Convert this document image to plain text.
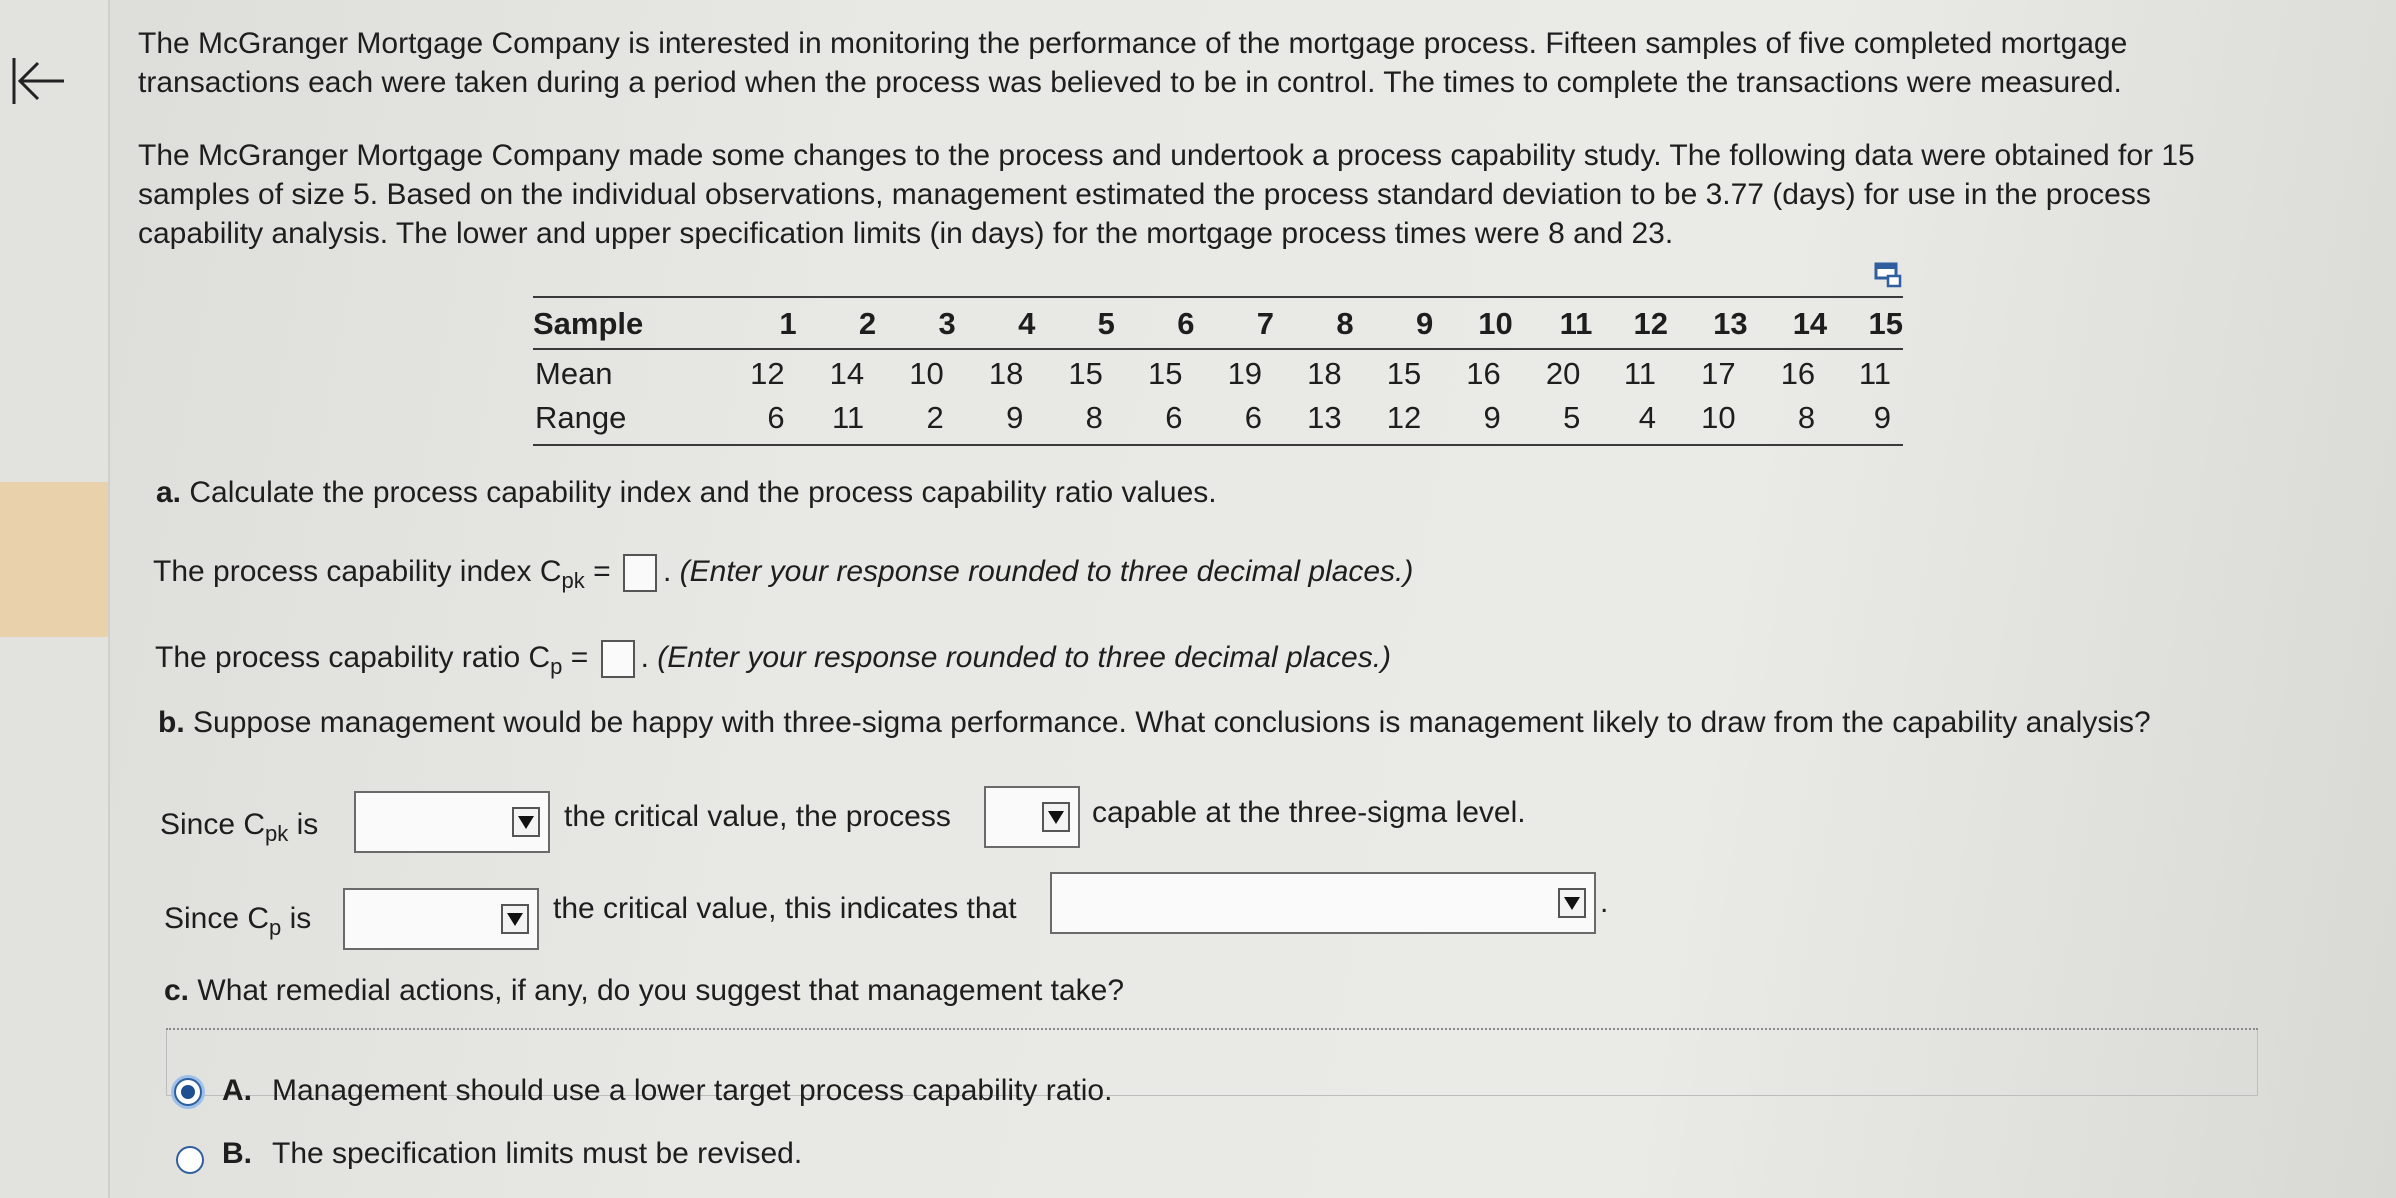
The McGranger Mortgage Company is interested in monitoring the performance of the mortgage process. Fifteen samples of five completed mortgage transactions each were taken during a period when the process was believed to be in control. The times to complete the transactions were measured.

The McGranger Mortgage Company made some changes to the process and undertook a process capability study. The following data were obtained for 15 samples of size 5. Based on the individual observations, management estimated the process standard deviation to be 3.77 (days) for use in the process capability analysis. The lower and upper specification limits (in days) for the mortgage process times were 8 and 23.

Sample	1	2	3	4	5	6	7	8	9	10	11	12	13	14	15
Mean	12	14	10	18	15	15	19	18	15	16	20	11	17	16	11
Range	6	11	2	9	8	6	6	13	12	9	5	4	10	8	9
a. Calculate the process capability index and the process capability ratio values.
The process capability index $C_{pk}$ = . (Enter your response rounded to three decimal places.)
The process capability ratio $C_p$ = . (Enter your response rounded to three decimal places.)
b. Suppose management would be happy with three-sigma performance. What conclusions is management likely to draw from the capability analysis?
Since $C_{pk}$ is	the critical value, the process	capable at the three-sigma level.
Since $C_p$ is	the critical value, this indicates that	.
c. What remedial actions, if any, do you suggest that management take?
A. Management should use a lower target process capability ratio.
B. The specification limits must be revised.
